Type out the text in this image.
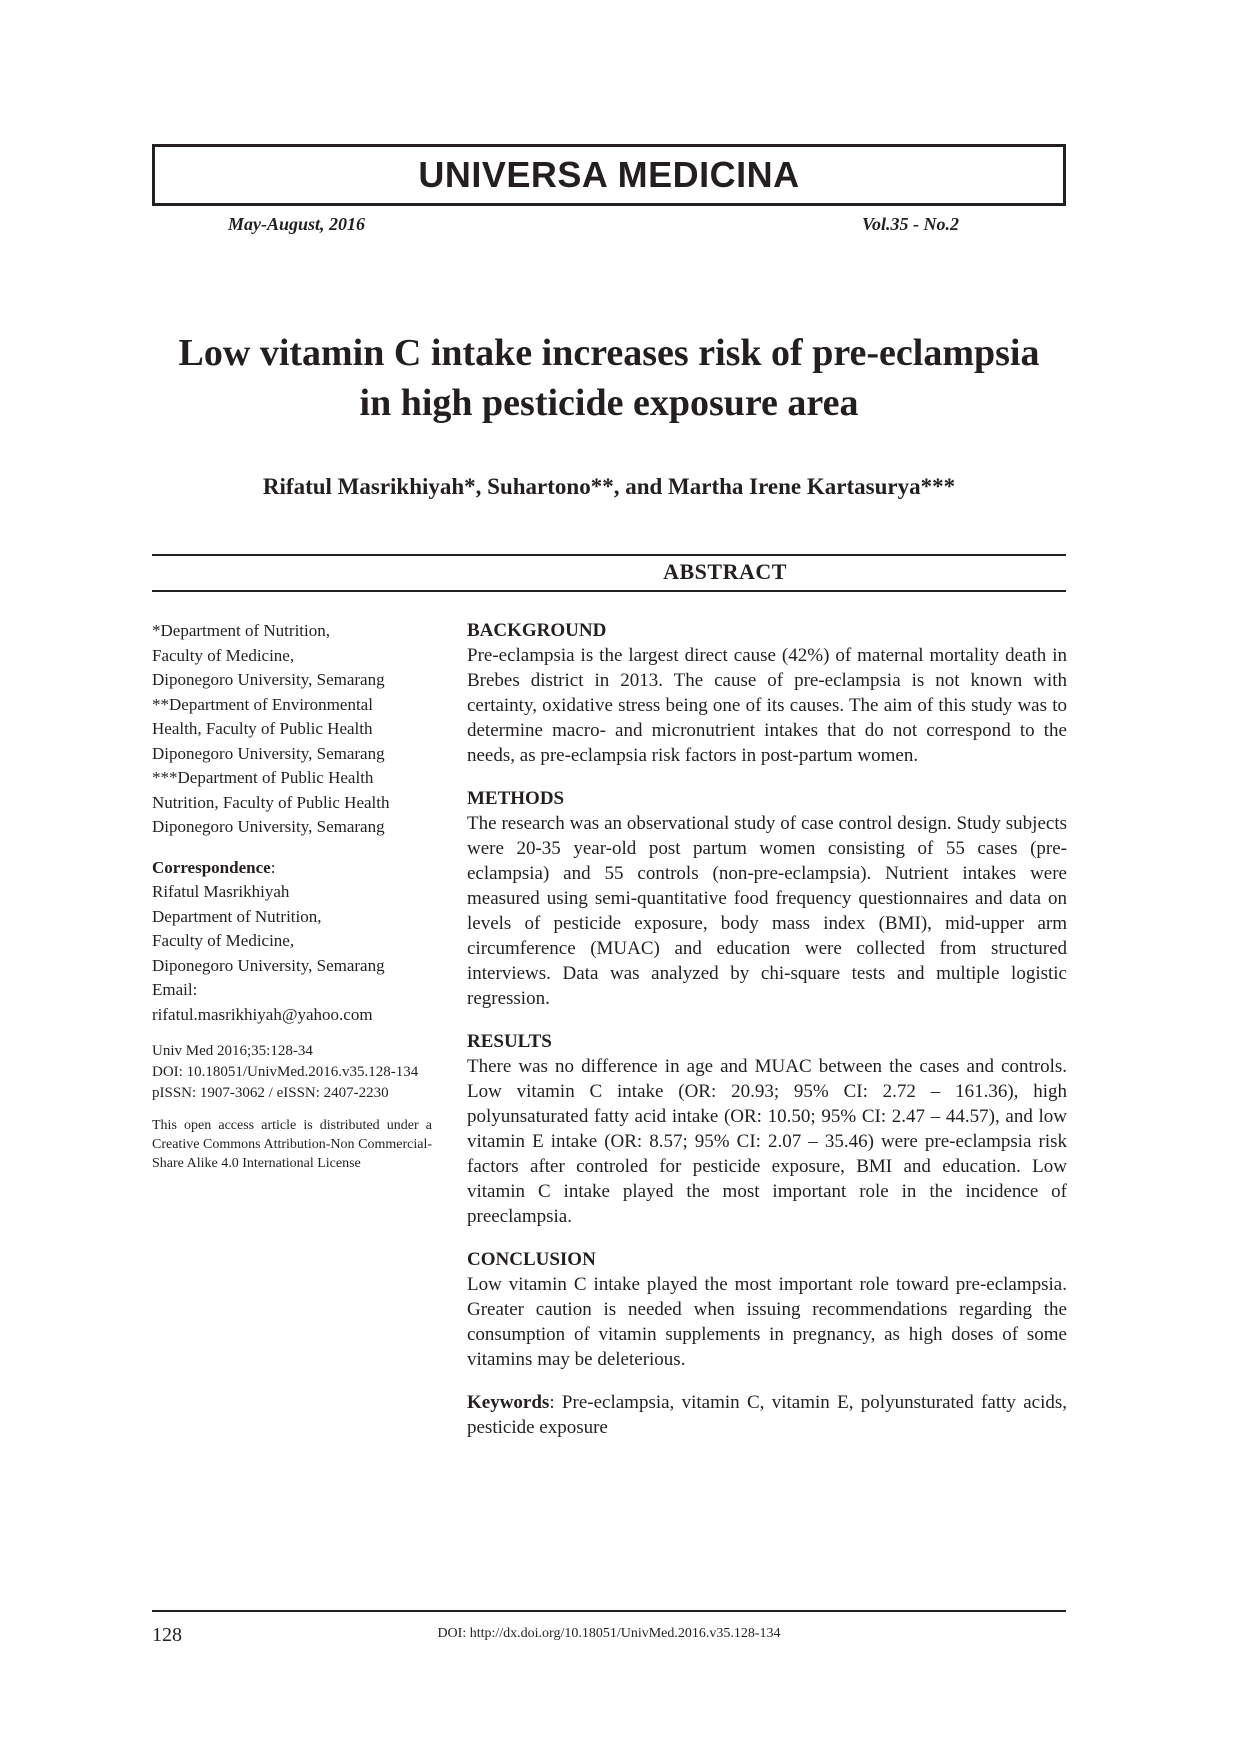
UNIVERSA MEDICINA
May-August, 2016	Vol.35 - No.2
Low vitamin C intake increases risk of pre-eclampsia
in high pesticide exposure area
Rifatul Masrikhiyah*, Suhartono**, and Martha Irene Kartasurya***
ABSTRACT

*Department of Nutrition,

Faculty of Medicine,

Diponegoro University, Semarang

**Department of Environmental

Health, Faculty of Public Health

Diponegoro University, Semarang

***Department of Public Health

Nutrition, Faculty of Public Health

Diponegoro University, Semarang

Correspondence:

Rifatul Masrikhiyah

Department of Nutrition,

Faculty of Medicine,

Diponegoro University, Semarang

Email:

rifatul.masrikhiyah@yahoo.com

Univ Med 2016;35:128-34

DOI: 10.18051/UnivMed.2016.v35.128-134

pISSN: 1907-3062 / eISSN: 2407-2230

This open access article is distributed under a Creative Commons Attribution-Non Commercial-Share Alike 4.0 International License

BACKGROUND

Pre-eclampsia is the largest direct cause (42%) of maternal mortality death in Brebes district in 2013. The cause of pre-eclampsia is not known with certainty, oxidative stress being one of its causes. The aim of this study was to determine macro- and micronutrient intakes that do not correspond to the needs, as pre-eclampsia risk factors in post-partum women.

METHODS

The research was an observational study of case control design. Study subjects were 20-35 year-old post partum women consisting of 55 cases (pre-eclampsia) and 55 controls (non-pre-eclampsia). Nutrient intakes were measured using semi-quantitative food frequency questionnaires and data on levels of pesticide exposure, body mass index (BMI), mid-upper arm circumference (MUAC) and education were collected from structured interviews. Data was analyzed by chi-square tests and multiple logistic regression.

RESULTS

There was no difference in age and MUAC between the cases and controls. Low vitamin C intake (OR: 20.93; 95% CI: 2.72 – 161.36), high polyunsaturated fatty acid intake (OR: 10.50; 95% CI: 2.47 – 44.57), and low vitamin E intake (OR: 8.57; 95% CI: 2.07 – 35.46) were pre-eclampsia risk factors after controled for pesticide exposure, BMI and education. Low vitamin C intake played the most important role in the incidence of preeclampsia.

CONCLUSION

Low vitamin C intake played the most important role toward pre-eclampsia. Greater caution is needed when issuing recommendations regarding the consumption of vitamin supplements in pregnancy, as high doses of some vitamins may be deleterious.

Keywords: Pre-eclampsia, vitamin C, vitamin E, polyunsturated fatty acids, pesticide exposure

128	DOI: http://dx.doi.org/10.18051/UnivMed.2016.v35.128-134
